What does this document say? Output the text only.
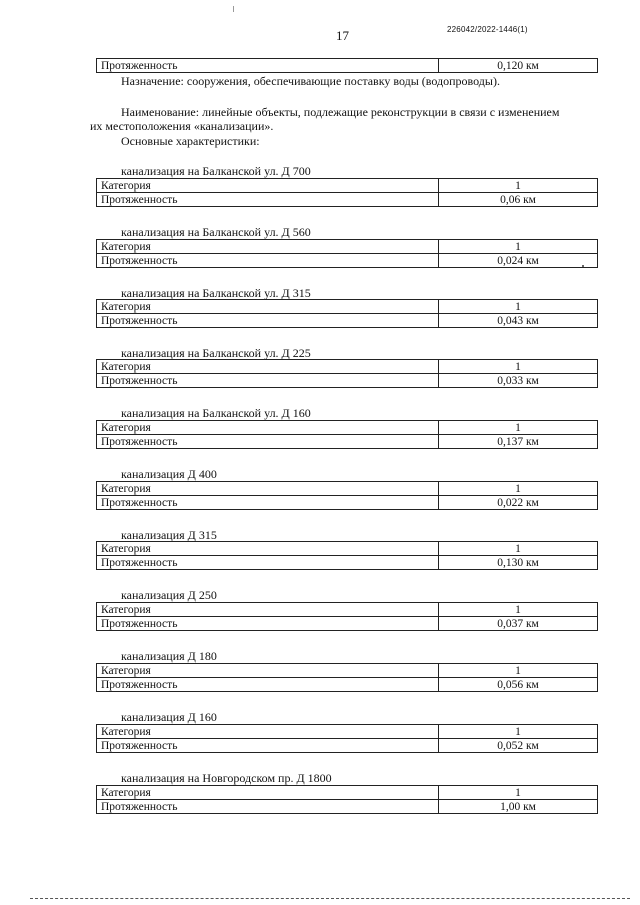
17	226042/2022-1446(1)
Протяженность	0,120 км
Назначение: сооружения, обеспечивающие поставку воды (водопроводы).
Наименование: линейные объекты, подлежащие реконструкции в связи с изменением
их местоположения «канализации».
Основные характеристики:
канализация на Балканской ул. Д 700
Категория	1
Протяженность	0,06 км
канализация на Балканской ул. Д 560
Категория	1
Протяженность	0,024 км
канализация на Балканской ул. Д 315
Категория	1
Протяженность	0,043 км
канализация на Балканской ул. Д 225
Категория	1
Протяженность	0,033 км
канализация на Балканской ул. Д 160
Категория	1
Протяженность	0,137 км
канализация Д 400
Категория	1
Протяженность	0,022 км
канализация Д 315
Категория	1
Протяженность	0,130 км
канализация Д 250
Категория	1
Протяженность	0,037 км
канализация Д 180
Категория	1
Протяженность	0,056 км
канализация Д 160
Категория	1
Протяженность	0,052 км
канализация на Новгородском пр. Д 1800
Категория	1
Протяженность	1,00 км
